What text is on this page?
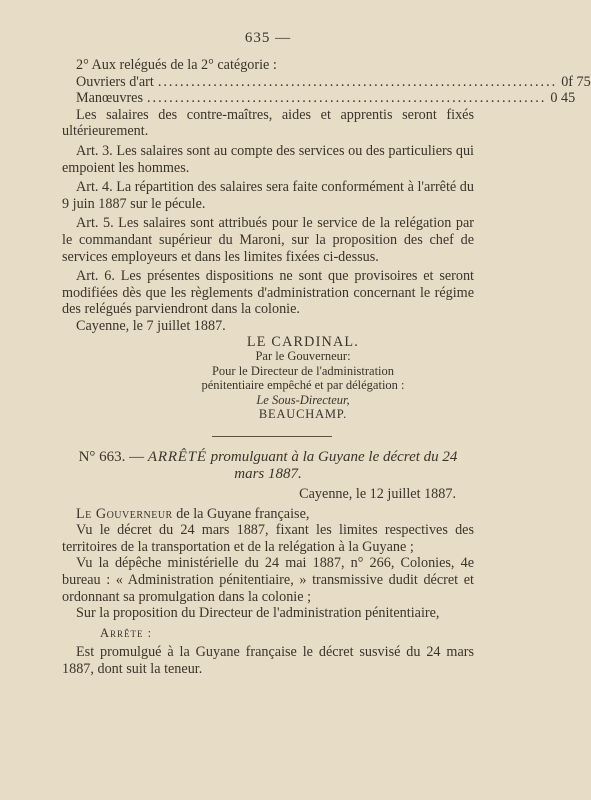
635 —

2° Aux relégués de la 2° catégorie :

Ouvriers d'art ........................................................................ 0f 75
Manœuvres ........................................................................ 0 45

Les salaires des contre-maîtres, aides et apprentis seront fixés ultérieurement.

Art. 3. Les salaires sont au compte des services ou des particuliers qui empoient les hommes.

Art. 4. La répartition des salaires sera faite conformément à l'arrêté du 9 juin 1887 sur le pécule.

Art. 5. Les salaires sont attribués pour le service de la relégation par le commandant supérieur du Maroni, sur la proposition des chef de services employeurs et dans les limites fixées ci-dessus.

Art. 6. Les présentes dispositions ne sont que provisoires et seront modifiées dès que les règlements d'administration concernant le régime des relégués parviendront dans la colonie.

Cayenne, le 7 juillet 1887.

LE CARDINAL.
Par le Gouverneur:
Pour le Directeur de l'administration
pénitentiaire empêché et par délégation :
Le Sous-Directeur,
BEAUCHAMP.
N° 663. — ARRÊTÉ promulguant à la Guyane le décret du 24 mars 1887.

Cayenne, le 12 juillet 1887.

Le Gouverneur de la Guyane française,

Vu le décret du 24 mars 1887, fixant les limites respectives des territoires de la transportation et de la relégation à la Guyane ;

Vu la dépêche ministérielle du 24 mai 1887, n° 266, Colonies, 4e bureau : « Administration pénitentiaire, » transmissive dudit décret et ordonnant sa promulgation dans la colonie ;

Sur la proposition du Directeur de l'administration pénitentiaire,

Arrête :

Est promulgué à la Guyane française le décret susvisé du 24 mars 1887, dont suit la teneur.
